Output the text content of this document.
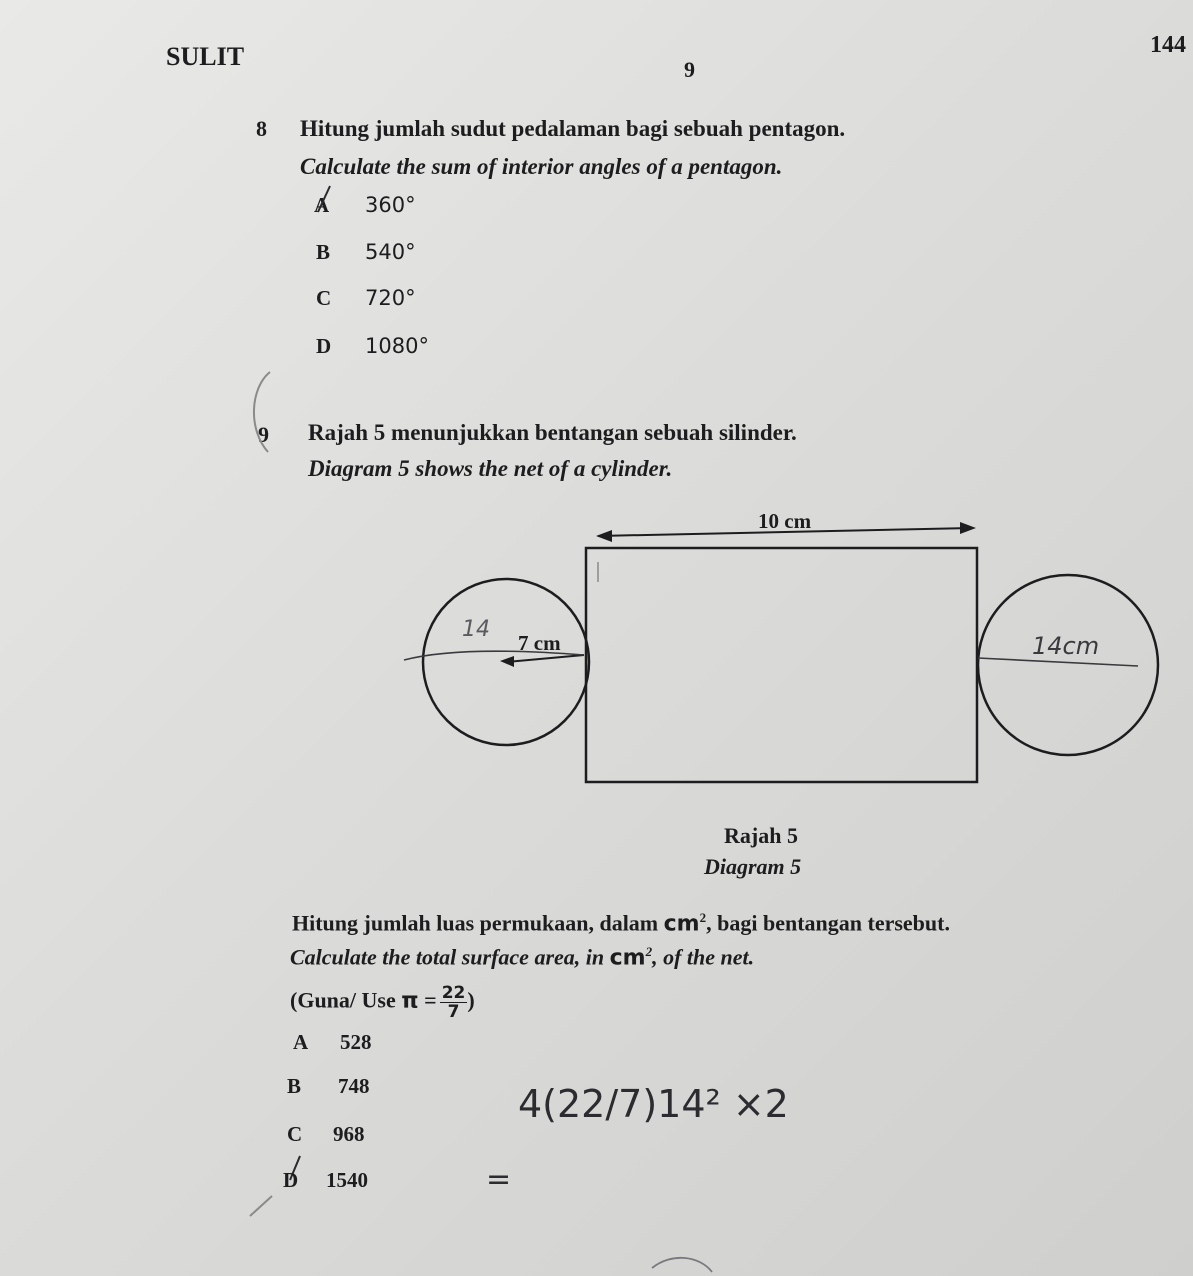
SULIT	144
9
8 Hitung jumlah sudut pedalaman bagi sebuah pentagon.
Calculate the sum of interior angles of a pentagon.
A 360°
B 540°
C 720°
D 1080°
9 Rajah 5 menunjukkan bentangan sebuah silinder.
Diagram 5 shows the net of a cylinder.
10 cm
7 cm
14
14cm
Rajah 5
Diagram 5
Hitung jumlah luas permukaan, dalam $cm^2$, bagi bentangan tersebut.
Calculate the total surface area, in $cm^2$, of the net.
(Guna/ Use $\pi = \frac{22}{7}$ )
A 528
B 748
C 968
D 1540
4(22/7)14² ×2
=
